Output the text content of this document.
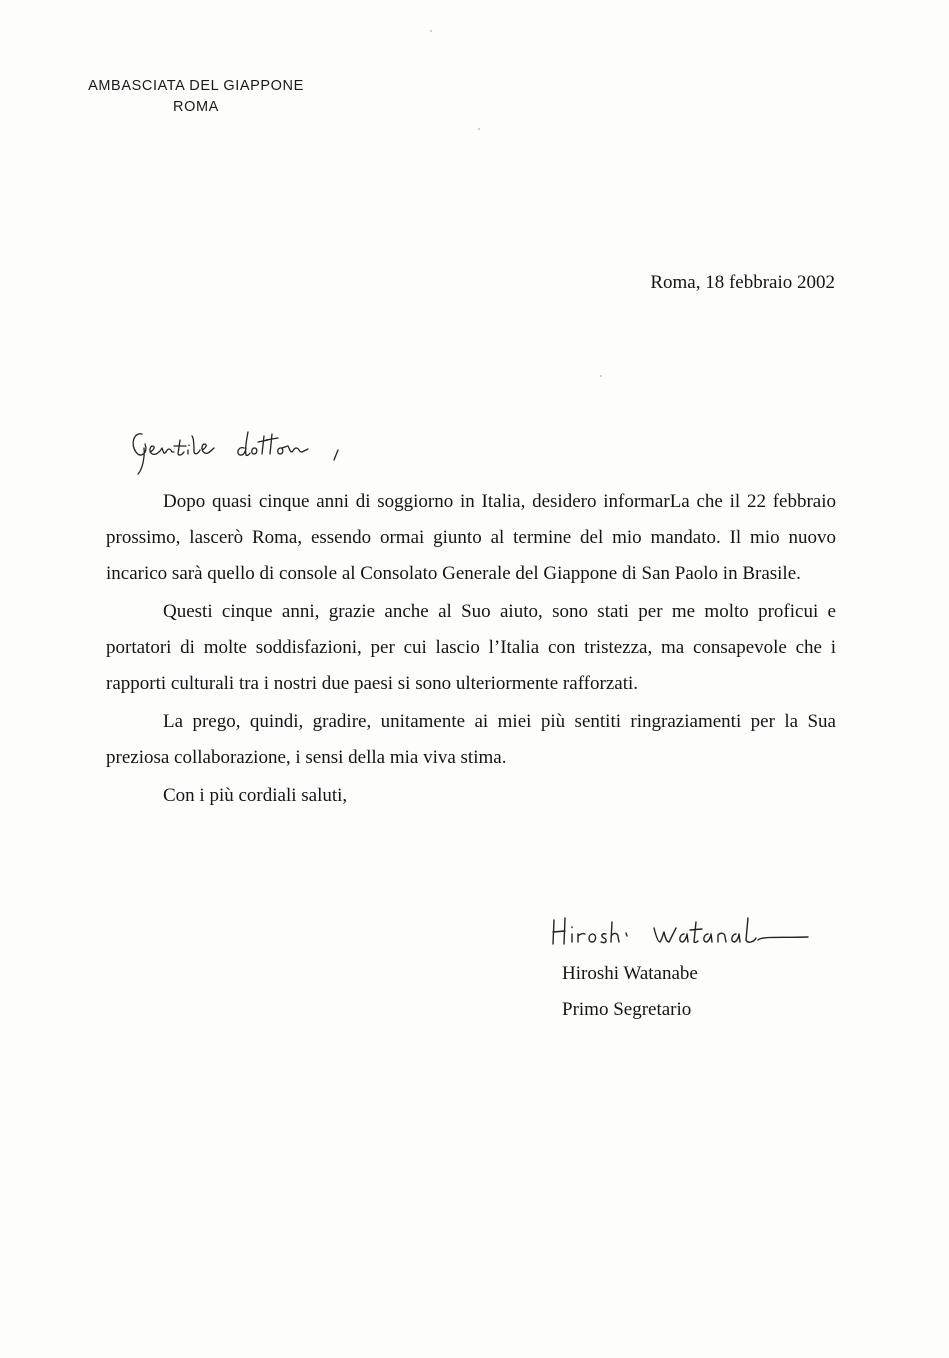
AMBASCIATA DEL GIAPPONE
ROMA
Roma, 18 febbraio 2002

Dopo quasi cinque anni di soggiorno in Italia, desidero informarLa che il 22 febbraio prossimo, lascerò Roma, essendo ormai giunto al termine del mio mandato. Il mio nuovo incarico sarà quello di console al Consolato Generale del Giappone di San Paolo in Brasile.

Questi cinque anni, grazie anche al Suo aiuto, sono stati per me molto proficui e portatori di molte soddisfazioni, per cui lascio l’Italia con tristezza, ma consapevole che i rapporti culturali tra i nostri due paesi si sono ulteriormente rafforzati.

La prego, quindi, gradire, unitamente ai miei più sentiti ringraziamenti per la Sua preziosa collaborazione, i sensi della mia viva stima.

Con i più cordiali saluti,

Hiroshi Watanabe
Primo Segretario
